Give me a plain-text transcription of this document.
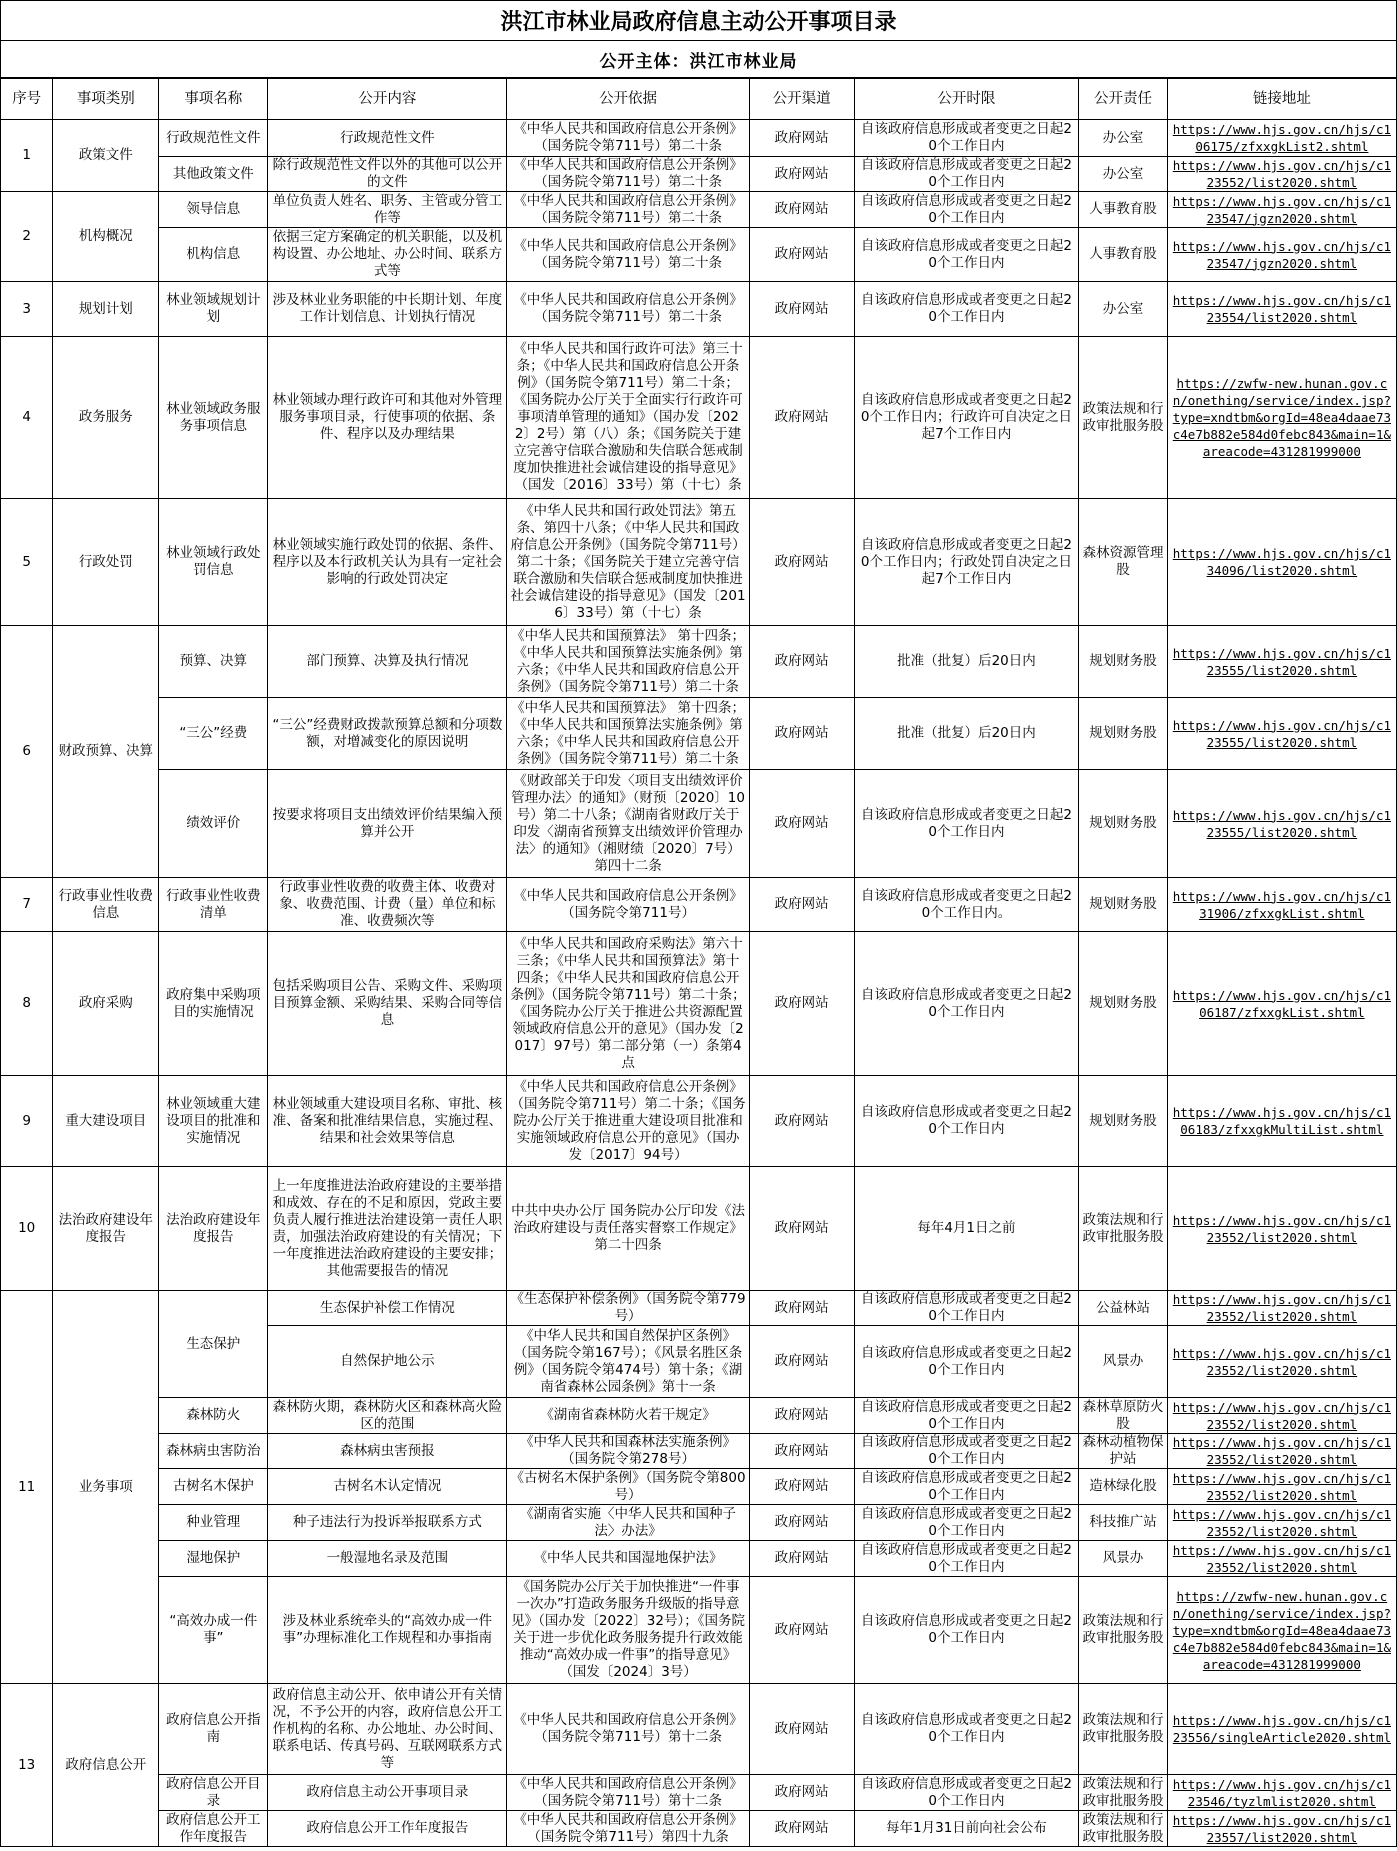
洪江市林业局政府信息主动公开事项目录
公开主体：洪江市林业局
序号	事项类别	事项名称	公开内容	公开依据	公开渠道	公开时限	公开责任	链接地址
1	政策文件	行政规范性文件	行政规范性文件	《中华人民共和国政府信息公开条例》（国务院令第711号）第二十条	政府网站	自该政府信息形成或者变更之日起20个工作日内	办公室	https://www.hjs.gov.cn/hjs/c106175/zfxxgkList2.shtml
		其他政策文件	除行政规范性文件以外的其他可以公开的文件	《中华人民共和国政府信息公开条例》（国务院令第711号）第二十条	政府网站	自该政府信息形成或者变更之日起20个工作日内	办公室	https://www.hjs.gov.cn/hjs/c123552/list2020.shtml
2	机构概况	领导信息	单位负责人姓名、职务、主管或分管工作等	《中华人民共和国政府信息公开条例》（国务院令第711号）第二十条	政府网站	自该政府信息形成或者变更之日起20个工作日内	人事教育股	https://www.hjs.gov.cn/hjs/c123547/jgzn2020.shtml
		机构信息	依据三定方案确定的机关职能，以及机构设置、办公地址、办公时间、联系方式等	《中华人民共和国政府信息公开条例》（国务院令第711号）第二十条	政府网站	自该政府信息形成或者变更之日起20个工作日内	人事教育股	https://www.hjs.gov.cn/hjs/c123547/jgzn2020.shtml
3	规划计划	林业领域规划计划	涉及林业业务职能的中长期计划、年度工作计划信息、计划执行情况	《中华人民共和国政府信息公开条例》（国务院令第711号）第二十条	政府网站	自该政府信息形成或者变更之日起20个工作日内	办公室	https://www.hjs.gov.cn/hjs/c123554/list2020.shtml
4	政务服务	林业领域政务服务事项信息	林业领域办理行政许可和其他对外管理服务事项目录，行使事项的依据、条件、程序以及办理结果	《中华人民共和国行政许可法》第三十条；《中华人民共和国政府信息公开条例》（国务院令第711号）第二十条；《国务院办公厅关于全面实行行政许可事项清单管理的通知》（国办发〔2022〕2号）第（八）条；《国务院关于建立完善守信联合激励和失信联合惩戒制度加快推进社会诚信建设的指导意见》（国发〔2016〕33号）第（十七）条	政府网站	自该政府信息形成或者变更之日起20个工作日内；行政许可自决定之日起7个工作日内	政策法规和行政审批服务股	https://zwfw-new.hunan.gov.cn/onething/service/index.jsp?type=xndtbm&orgId=48ea4daae73c4e7b882e584d0febc843&main=1&areacode=431281999000
5	行政处罚	林业领域行政处罚信息	林业领域实施行政处罚的依据、条件、程序以及本行政机关认为具有一定社会影响的行政处罚决定	《中华人民共和国行政处罚法》第五条、第四十八条；《中华人民共和国政府信息公开条例》（国务院令第711号）第二十条；《国务院关于建立完善守信联合激励和失信联合惩戒制度加快推进社会诚信建设的指导意见》（国发〔2016〕33号）第（十七）条	政府网站	自该政府信息形成或者变更之日起20个工作日内；行政处罚自决定之日起7个工作日内	森林资源管理股	https://www.hjs.gov.cn/hjs/c134096/list2020.shtml
6	财政预算、决算	预算、决算	部门预算、决算及执行情况	《中华人民共和国预算法》 第十四条；《中华人民共和国预算法实施条例》第六条；《中华人民共和国政府信息公开条例》（国务院令第711号）第二十条	政府网站	批准（批复）后20日内	规划财务股	https://www.hjs.gov.cn/hjs/c123555/list2020.shtml
		“三公”经费	“三公”经费财政拨款预算总额和分项数额，对增减变化的原因说明	《中华人民共和国预算法》 第十四条；《中华人民共和国预算法实施条例》第六条；《中华人民共和国政府信息公开条例》（国务院令第711号）第二十条	政府网站	批准（批复）后20日内	规划财务股	https://www.hjs.gov.cn/hjs/c123555/list2020.shtml
		绩效评价	按要求将项目支出绩效评价结果编入预算并公开	《财政部关于印发〈项目支出绩效评价管理办法〉的通知》（财预〔2020〕10号）第二十八条；《湖南省财政厅关于印发〈湖南省预算支出绩效评价管理办法〉的通知》（湘财绩〔2020〕7号）第四十二条	政府网站	自该政府信息形成或者变更之日起20个工作日内	规划财务股	https://www.hjs.gov.cn/hjs/c123555/list2020.shtml
7	行政事业性收费信息	行政事业性收费清单	行政事业性收费的收费主体、收费对象、收费范围、计费（量）单位和标准、收费频次等	《中华人民共和国政府信息公开条例》（国务院令第711号）	政府网站	自该政府信息形成或者变更之日起20个工作日内。	规划财务股	https://www.hjs.gov.cn/hjs/c131906/zfxxgkList.shtml
8	政府采购	政府集中采购项目的实施情况	包括采购项目公告、采购文件、采购项目预算金额、采购结果、采购合同等信息	《中华人民共和国政府采购法》第六十三条；《中华人民共和国预算法》第十四条；《中华人民共和国政府信息公开条例》（国务院令第711号）第二十条；《国务院办公厅关于推进公共资源配置领域政府信息公开的意见》（国办发〔2017〕97号）第二部分第（一）条第4点	政府网站	自该政府信息形成或者变更之日起20个工作日内	规划财务股	https://www.hjs.gov.cn/hjs/c106187/zfxxgkList.shtml
9	重大建设项目	林业领域重大建设项目的批准和实施情况	林业领域重大建设项目名称、审批、核准、备案和批准结果信息，实施过程、结果和社会效果等信息	《中华人民共和国政府信息公开条例》（国务院令第711号）第二十条；《国务院办公厅关于推进重大建设项目批准和实施领域政府信息公开的意见》（国办发〔2017〕94号）	政府网站	自该政府信息形成或者变更之日起20个工作日内	规划财务股	https://www.hjs.gov.cn/hjs/c106183/zfxxgkMultiList.shtml
10	法治政府建设年度报告	法治政府建设年度报告	上一年度推进法治政府建设的主要举措和成效、存在的不足和原因，党政主要负责人履行推进法治建设第一责任人职责，加强法治政府建设的有关情况；下一年度推进法治政府建设的主要安排；其他需要报告的情况	中共中央办公厅 国务院办公厅印发《法治政府建设与责任落实督察工作规定》第二十四条	政府网站	每年4月1日之前	政策法规和行政审批服务股	https://www.hjs.gov.cn/hjs/c123552/list2020.shtml
11	业务事项	生态保护	生态保护补偿工作情况	《生态保护补偿条例》（国务院令第779号）	政府网站	自该政府信息形成或者变更之日起20个工作日内	公益林站	https://www.hjs.gov.cn/hjs/c123552/list2020.shtml
			自然保护地公示	《中华人民共和国自然保护区条例》（国务院令第167号）；《风景名胜区条例》（国务院令第474号）第十条；《湖南省森林公园条例》第十一条	政府网站	自该政府信息形成或者变更之日起20个工作日内	风景办	https://www.hjs.gov.cn/hjs/c123552/list2020.shtml
		森林防火	森林防火期，森林防火区和森林高火险区的范围	《湖南省森林防火若干规定》	政府网站	自该政府信息形成或者变更之日起20个工作日内	森林草原防火股	https://www.hjs.gov.cn/hjs/c123552/list2020.shtml
		森林病虫害防治	森林病虫害预报	《中华人民共和国森林法实施条例》（国务院令第278号）	政府网站	自该政府信息形成或者变更之日起20个工作日内	森林动植物保护站	https://www.hjs.gov.cn/hjs/c123552/list2020.shtml
		古树名木保护	古树名木认定情况	《古树名木保护条例》（国务院令第800号）	政府网站	自该政府信息形成或者变更之日起20个工作日内	造林绿化股	https://www.hjs.gov.cn/hjs/c123552/list2020.shtml
		种业管理	种子违法行为投诉举报联系方式	《湖南省实施〈中华人民共和国种子法〉办法》	政府网站	自该政府信息形成或者变更之日起20个工作日内	科技推广站	https://www.hjs.gov.cn/hjs/c123552/list2020.shtml
		湿地保护	一般湿地名录及范围	《中华人民共和国湿地保护法》	政府网站	自该政府信息形成或者变更之日起20个工作日内	风景办	https://www.hjs.gov.cn/hjs/c123552/list2020.shtml
		“高效办成一件事”	涉及林业系统牵头的“高效办成一件事”办理标准化工作规程和办事指南	《国务院办公厅关于加快推进“一件事一次办”打造政务服务升级版的指导意见》（国办发〔2022〕32号）；《国务院关于进一步优化政务服务提升行政效能推动“高效办成一件事”的指导意见》（国发〔2024〕3号）	政府网站	自该政府信息形成或者变更之日起20个工作日内	政策法规和行政审批服务股	https://zwfw-new.hunan.gov.cn/onething/service/index.jsp?type=xndtbm&orgId=48ea4daae73c4e7b882e584d0febc843&main=1&areacode=431281999000
13	政府信息公开	政府信息公开指南	政府信息主动公开、依申请公开有关情况，不予公开的内容，政府信息公开工作机构的名称、办公地址、办公时间、联系电话、传真号码、互联网联系方式等	《中华人民共和国政府信息公开条例》（国务院令第711号）第十二条	政府网站	自该政府信息形成或者变更之日起20个工作日内	政策法规和行政审批服务股	https://www.hjs.gov.cn/hjs/c123556/singleArticle2020.shtml
		政府信息公开目录	政府信息主动公开事项目录	《中华人民共和国政府信息公开条例》（国务院令第711号）第十二条	政府网站	自该政府信息形成或者变更之日起20个工作日内	政策法规和行政审批服务股	https://www.hjs.gov.cn/hjs/c123546/tyzlmlist2020.shtml
		政府信息公开工作年度报告	政府信息公开工作年度报告	《中华人民共和国政府信息公开条例》（国务院令第711号）第四十九条	政府网站	每年1月31日前向社会公布	政策法规和行政审批服务股	https://www.hjs.gov.cn/hjs/c123557/list2020.shtml
